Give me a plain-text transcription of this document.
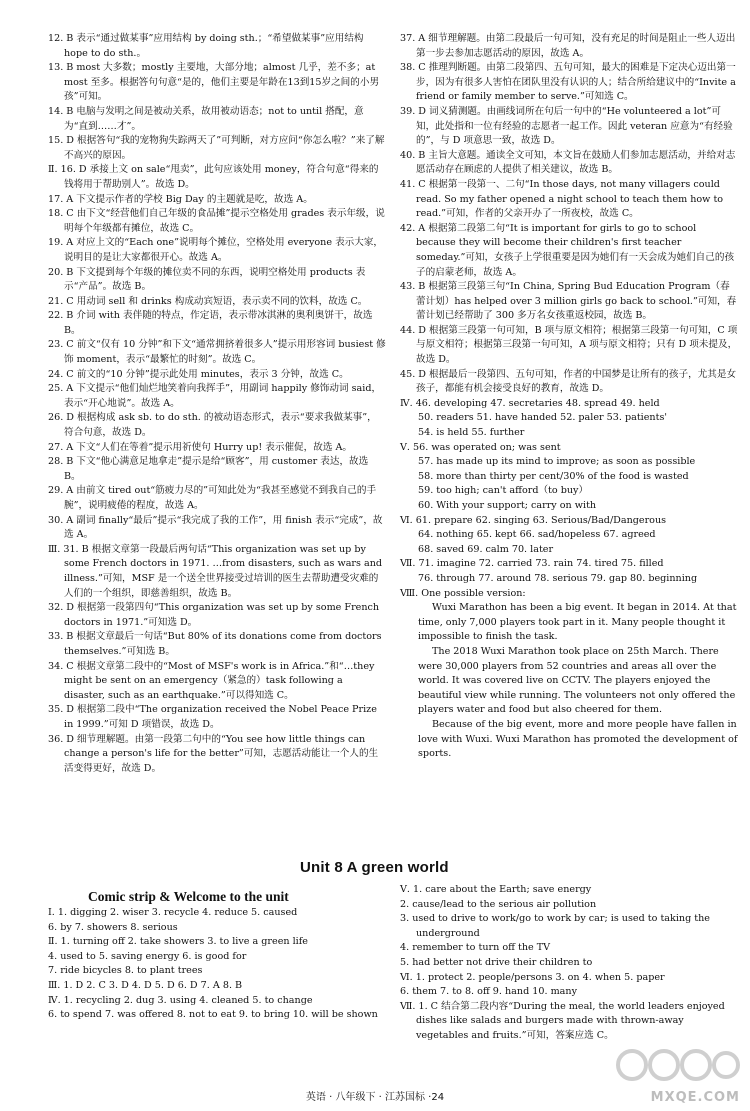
12. B 表示“通过做某事”应用结构 by doing sth.；“希望做某事”应用结构 hope to do sth.。

13. B most 大多数；mostly 主要地，大部分地；almost 几乎，差不多；at most 至多。根据答句句意“是的，他们主要是年龄在13到15岁之间的小男孩”可知。

14. B 电脑与发明之间是被动关系，故用被动语态；not to until 搭配，意为“直到……才”。

15. D 根据答句“我的宠物狗失踪两天了”可判断，对方应问“你怎么啦？”来了解不高兴的原因。

Ⅱ. 16. D 承接上文 on sale“甩卖”，此句应该处用 money，符合句意“得来的钱将用于帮助别人”。故选 D。

17. A 下文提示作者的学校 Big Day 的主题就是吃，故选 A。

18. C 由下文“经营他们自己年级的食品摊”提示空格处用 grades 表示年级，说明每个年级都有摊位，故选 C。

19. A 对应上文的“Each one”说明每个摊位，空格处用 everyone 表示大家，说明目的是让大家都很开心。故选 A。

20. B 下文提到每个年级的摊位卖不同的东西，说明空格处用 products 表示“产品”。故选 B。

21. C 用动词 sell 和 drinks 构成动宾短语，表示卖不同的饮料，故选 C。

22. B 介词 with 表伴随的特点，作定语，表示带冰淇淋的奥利奥饼干，故选 B。

23. C 前文“仅有 10 分钟”和下文“通常拥挤着很多人”提示用形容词 busiest 修饰 moment，表示“最繁忙的时刻”。故选 C。

24. C 前文的“10 分钟”提示此处用 minutes，表示 3 分钟，故选 C。

25. A 下文提示“他们灿烂地笑着向我挥手”，用副词 happily 修饰动词 said，表示“开心地说”。故选 A。

26. D 根据构成 ask sb. to do sth. 的被动语态形式，表示“要求我做某事”，符合句意，故选 D。

27. A 下文“人们在等着”提示用祈使句 Hurry up! 表示催促，故选 A。

28. B 下文“他心满意足地拿走”提示是给“顾客”，用 customer 表达，故选 B。

29. A 由前文 tired out“筋疲力尽的”可知此处为“我甚至感觉不到我自己的手腕”，说明疲倦的程度，故选 A。

30. A 副词 finally“最后”提示“我完成了我的工作”，用 finish 表示“完成”，故选 A。

Ⅲ. 31. B 根据文章第一段最后两句话“This organization was set up by some French doctors in 1971. …from disasters, such as wars and illness.”可知，MSF 是一个送全世界接受过培训的医生去帮助遭受灾难的人们的一个组织，即慈善组织，故选 B。

32. D 根据第一段第四句“This organization was set up by some French doctors in 1971.”可知选 D。

33. B 根据文章最后一句话“But 80% of its donations come from doctors themselves.”可知选 B。

34. C 根据文章第二段中的“Most of MSF's work is in Africa.”和“…they might be sent on an emergency（紧急的）task following a disaster, such as an earthquake.”可以得知选 C。

35. D 根据第二段中“The organization received the Nobel Peace Prize in 1999.”可知 D 项错误，故选 D。

36. D 细节理解题。由第一段第二句中的“You see how little things can change a person's life for the better”可知，志愿活动能让一个人的生活变得更好，故选 D。

37. A 细节理解题。由第二段最后一句可知，没有充足的时间是阻止一些人迈出第一步去参加志愿活动的原因，故选 A。

38. C 推理判断题。由第二段第四、五句可知，最大的困难是下定决心迈出第一步，因为有很多人害怕在团队里没有认识的人；结合所给建议中的“Invite a friend or family member to serve.”可知选 C。

39. D 词义猜测题。由画线词所在句后一句中的“He volunteered a lot”可知，此处指和一位有经验的志愿者一起工作。因此 veteran 应意为“有经验的”，与 D 项意思一致，故选 D。

40. B 主旨大意题。通读全文可知，本文旨在鼓励人们参加志愿活动，并给对志愿活动存在顾虑的人提供了相关建议，故选 B。

41. C 根据第一段第一、二句“In those days, not many villagers could read. So my father opened a night school to teach them how to read.”可知，作者的父亲开办了一所夜校，故选 C。

42. A 根据第二段第二句“It is important for girls to go to school because they will become their children's first teacher someday.”可知，女孩子上学很重要是因为她们有一天会成为她们自己的孩子的启蒙老师，故选 A。

43. B 根据第三段第三句“In China, Spring Bud Education Program（春蕾计划）has helped over 3 million girls go back to school.”可知，春蕾计划已经帮助了 300 多万名女孩重返校园，故选 B。

44. D 根据第三段第一句可知，B 项与原文相符；根据第三段第一句可知，C 项与原文相符；根据第三段第一句可知，A 项与原文相符；只有 D 项未提及，故选 D。

45. D 根据最后一段第四、五句可知，作者的中国梦是让所有的孩子，尤其是女孩子，都能有机会接受良好的教育，故选 D。

Ⅳ. 46. developing 47. secretaries 48. spread 49. held

50. readers 51. have handed 52. paler 53. patients'

54. is held 55. further

Ⅴ. 56. was operated on; was sent

57. has made up its mind to improve; as soon as possible

58. more than thirty per cent/30% of the food is wasted

59. too high; can't afford（to buy）

60. With your support; carry on with

Ⅵ. 61. prepare 62. singing 63. Serious/Bad/Dangerous

64. nothing 65. kept 66. sad/hopeless 67. agreed

68. saved 69. calm 70. later

Ⅶ. 71. imagine 72. carried 73. rain 74. tired 75. filled

76. through 77. around 78. serious 79. gap 80. beginning

Ⅷ. One possible version:

Wuxi Marathon has been a big event. It began in 2014. At that time, only 7,000 players took part in it. Many people thought it impossible to finish the task.

The 2018 Wuxi Marathon took place on 25th March. There were 30,000 players from 52 countries and areas all over the world. It was covered live on CCTV. The players enjoyed the beautiful view while running. The volunteers not only offered the players water and food but also cheered for them.

Because of the big event, more and more people have fallen in love with Wuxi. Wuxi Marathon has promoted the development of sports.

Unit 8 A green world
Comic strip & Welcome to the unit

Ⅰ. 1. digging 2. wiser 3. recycle 4. reduce 5. caused

6. by 7. showers 8. serious

Ⅱ. 1. turning off 2. take showers 3. to live a green life

4. used to 5. saving energy 6. is good for

7. ride bicycles 8. to plant trees

Ⅲ. 1. D 2. C 3. D 4. D 5. D 6. D 7. A 8. B

Ⅳ. 1. recycling 2. dug 3. using 4. cleaned 5. to change

6. to spend 7. was offered 8. not to eat 9. to bring 10. will be shown

Ⅴ. 1. care about the Earth; save energy

2. cause/lead to the serious air pollution

3. used to drive to work/go to work by car; is used to taking the underground

4. remember to turn off the TV

5. had better not drive their children to

Ⅵ. 1. protect 2. people/persons 3. on 4. when 5. paper

6. them 7. to 8. off 9. hand 10. many

Ⅶ. 1. C 结合第二段内容“During the meal, the world leaders enjoyed dishes like salads and burgers made with thrown-away vegetables and fruits.”可知，答案应选 C。

英语 · 八年级下 · 江苏国标 ·24	MXQE.COM
